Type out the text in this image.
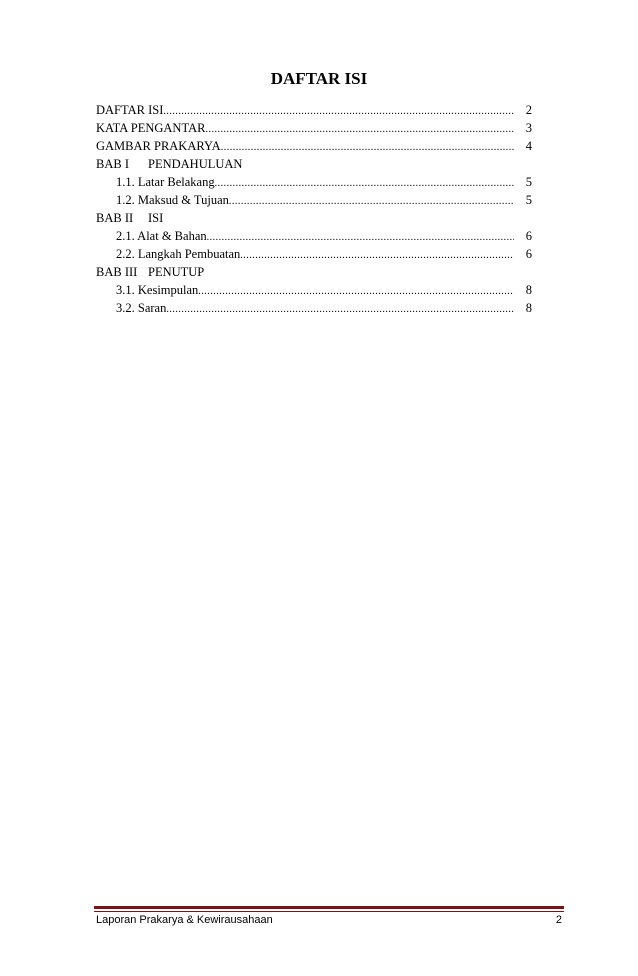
DAFTAR ISI
DAFTAR ISI .....	2
KATA PENGANTAR .....	3
GAMBAR PRAKARYA .....	4
BAB I	PENDAHULUAN
1.1. Latar Belakang .....	5
1.2. Maksud & Tujuan .....	5
BAB II	ISI
2.1. Alat & Bahan .....	6
2.2. Langkah Pembuatan .....	6
BAB III PENUTUP
3.1. Kesimpulan .....	8
3.2. Saran .....	8
Laporan Prakarya & Kewirausahaan	2
